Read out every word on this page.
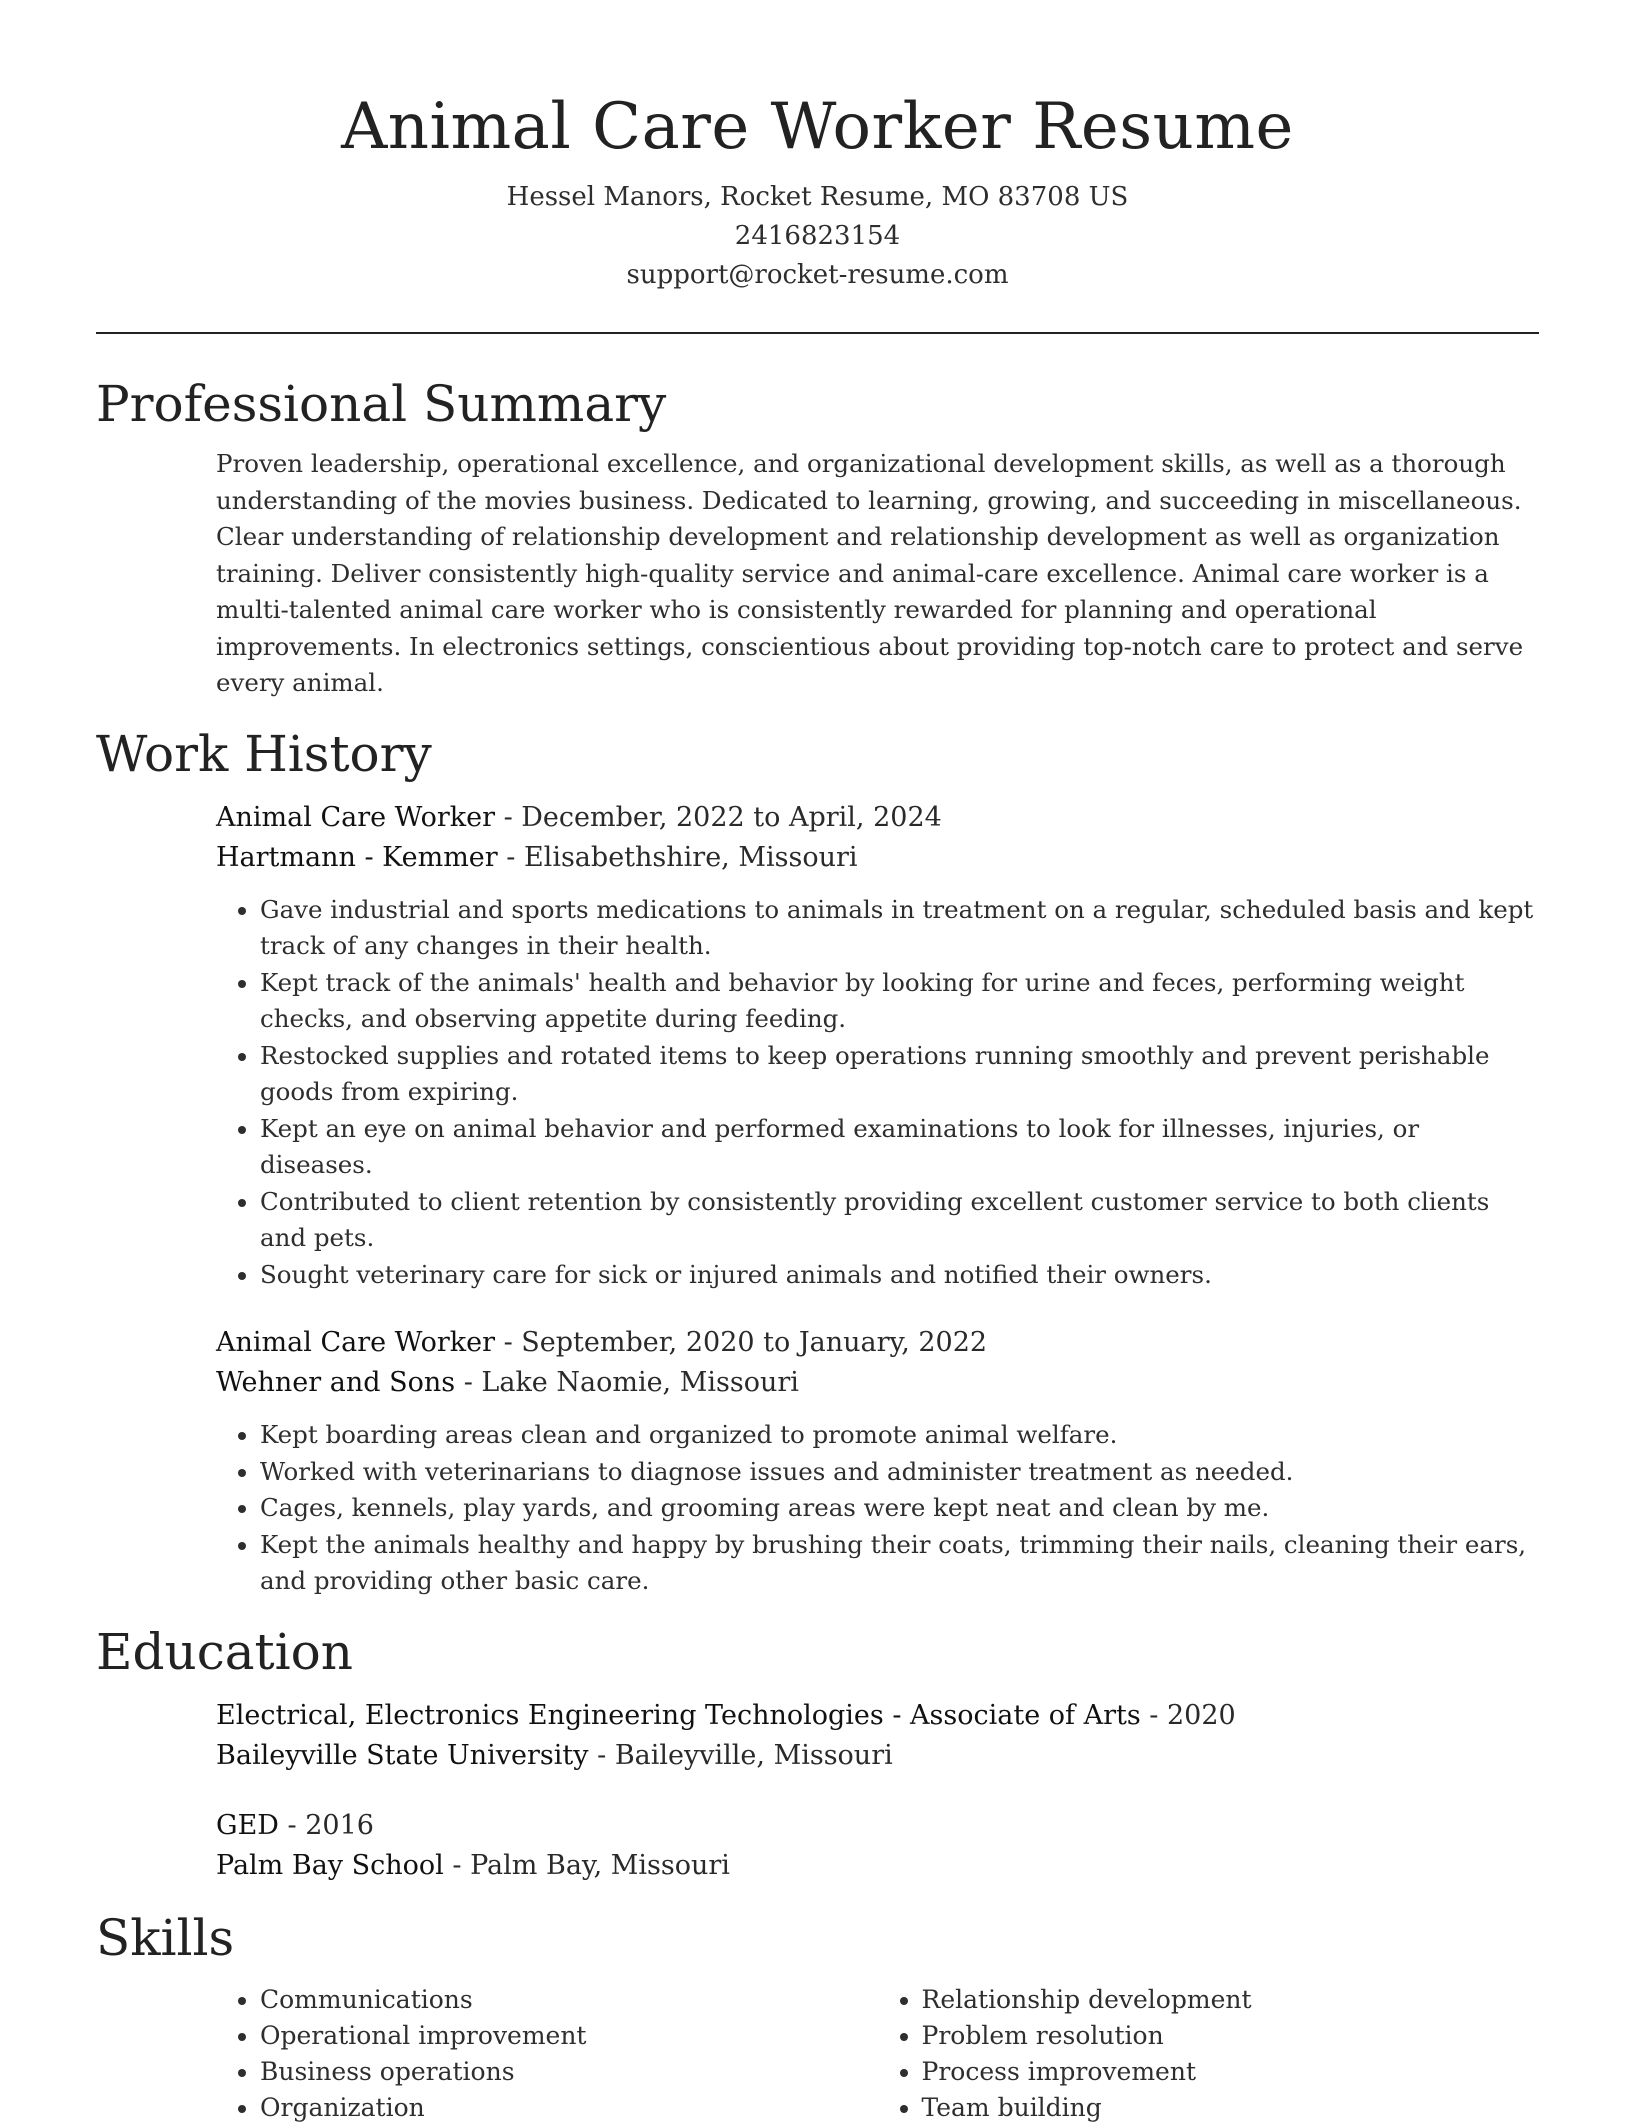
Animal Care Worker Resume
Hessel Manors, Rocket Resume, MO 83708 US
2416823154
support@rocket-resume.com
Professional Summary

Proven leadership, operational excellence, and organizational development skills, as well as a thorough understanding of the movies business. Dedicated to learning, growing, and succeeding in miscellaneous. Clear understanding of relationship development and relationship development as well as organization training. Deliver consistently high-quality service and animal-care excellence. Animal care worker is a multi-talented animal care worker who is consistently rewarded for planning and operational improvements. In electronics settings, conscientious about providing top-notch care to protect and serve every animal.

Work History
Animal Care Worker - December, 2022 to April, 2024
Hartmann - Kemmer - Elisabethshire, Missouri
• Gave industrial and sports medications to animals in treatment on a regular, scheduled basis and kept track of any changes in their health.
• Kept track of the animals' health and behavior by looking for urine and feces, performing weight checks, and observing appetite during feeding.
• Restocked supplies and rotated items to keep operations running smoothly and prevent perishable goods from expiring.
• Kept an eye on animal behavior and performed examinations to look for illnesses, injuries, or diseases.
• Contributed to client retention by consistently providing excellent customer service to both clients and pets.
• Sought veterinary care for sick or injured animals and notified their owners.
Animal Care Worker - September, 2020 to January, 2022
Wehner and Sons - Lake Naomie, Missouri
• Kept boarding areas clean and organized to promote animal welfare.
• Worked with veterinarians to diagnose issues and administer treatment as needed.
• Cages, kennels, play yards, and grooming areas were kept neat and clean by me.
• Kept the animals healthy and happy by brushing their coats, trimming their nails, cleaning their ears, and providing other basic care.
Education
Electrical, Electronics Engineering Technologies - Associate of Arts - 2020
Baileyville State University - Baileyville, Missouri
GED - 2016
Palm Bay School - Palm Bay, Missouri
Skills
• Communications
• Operational improvement
• Business operations
• Organization
• Relationship development
• Problem resolution
• Process improvement
• Team building
